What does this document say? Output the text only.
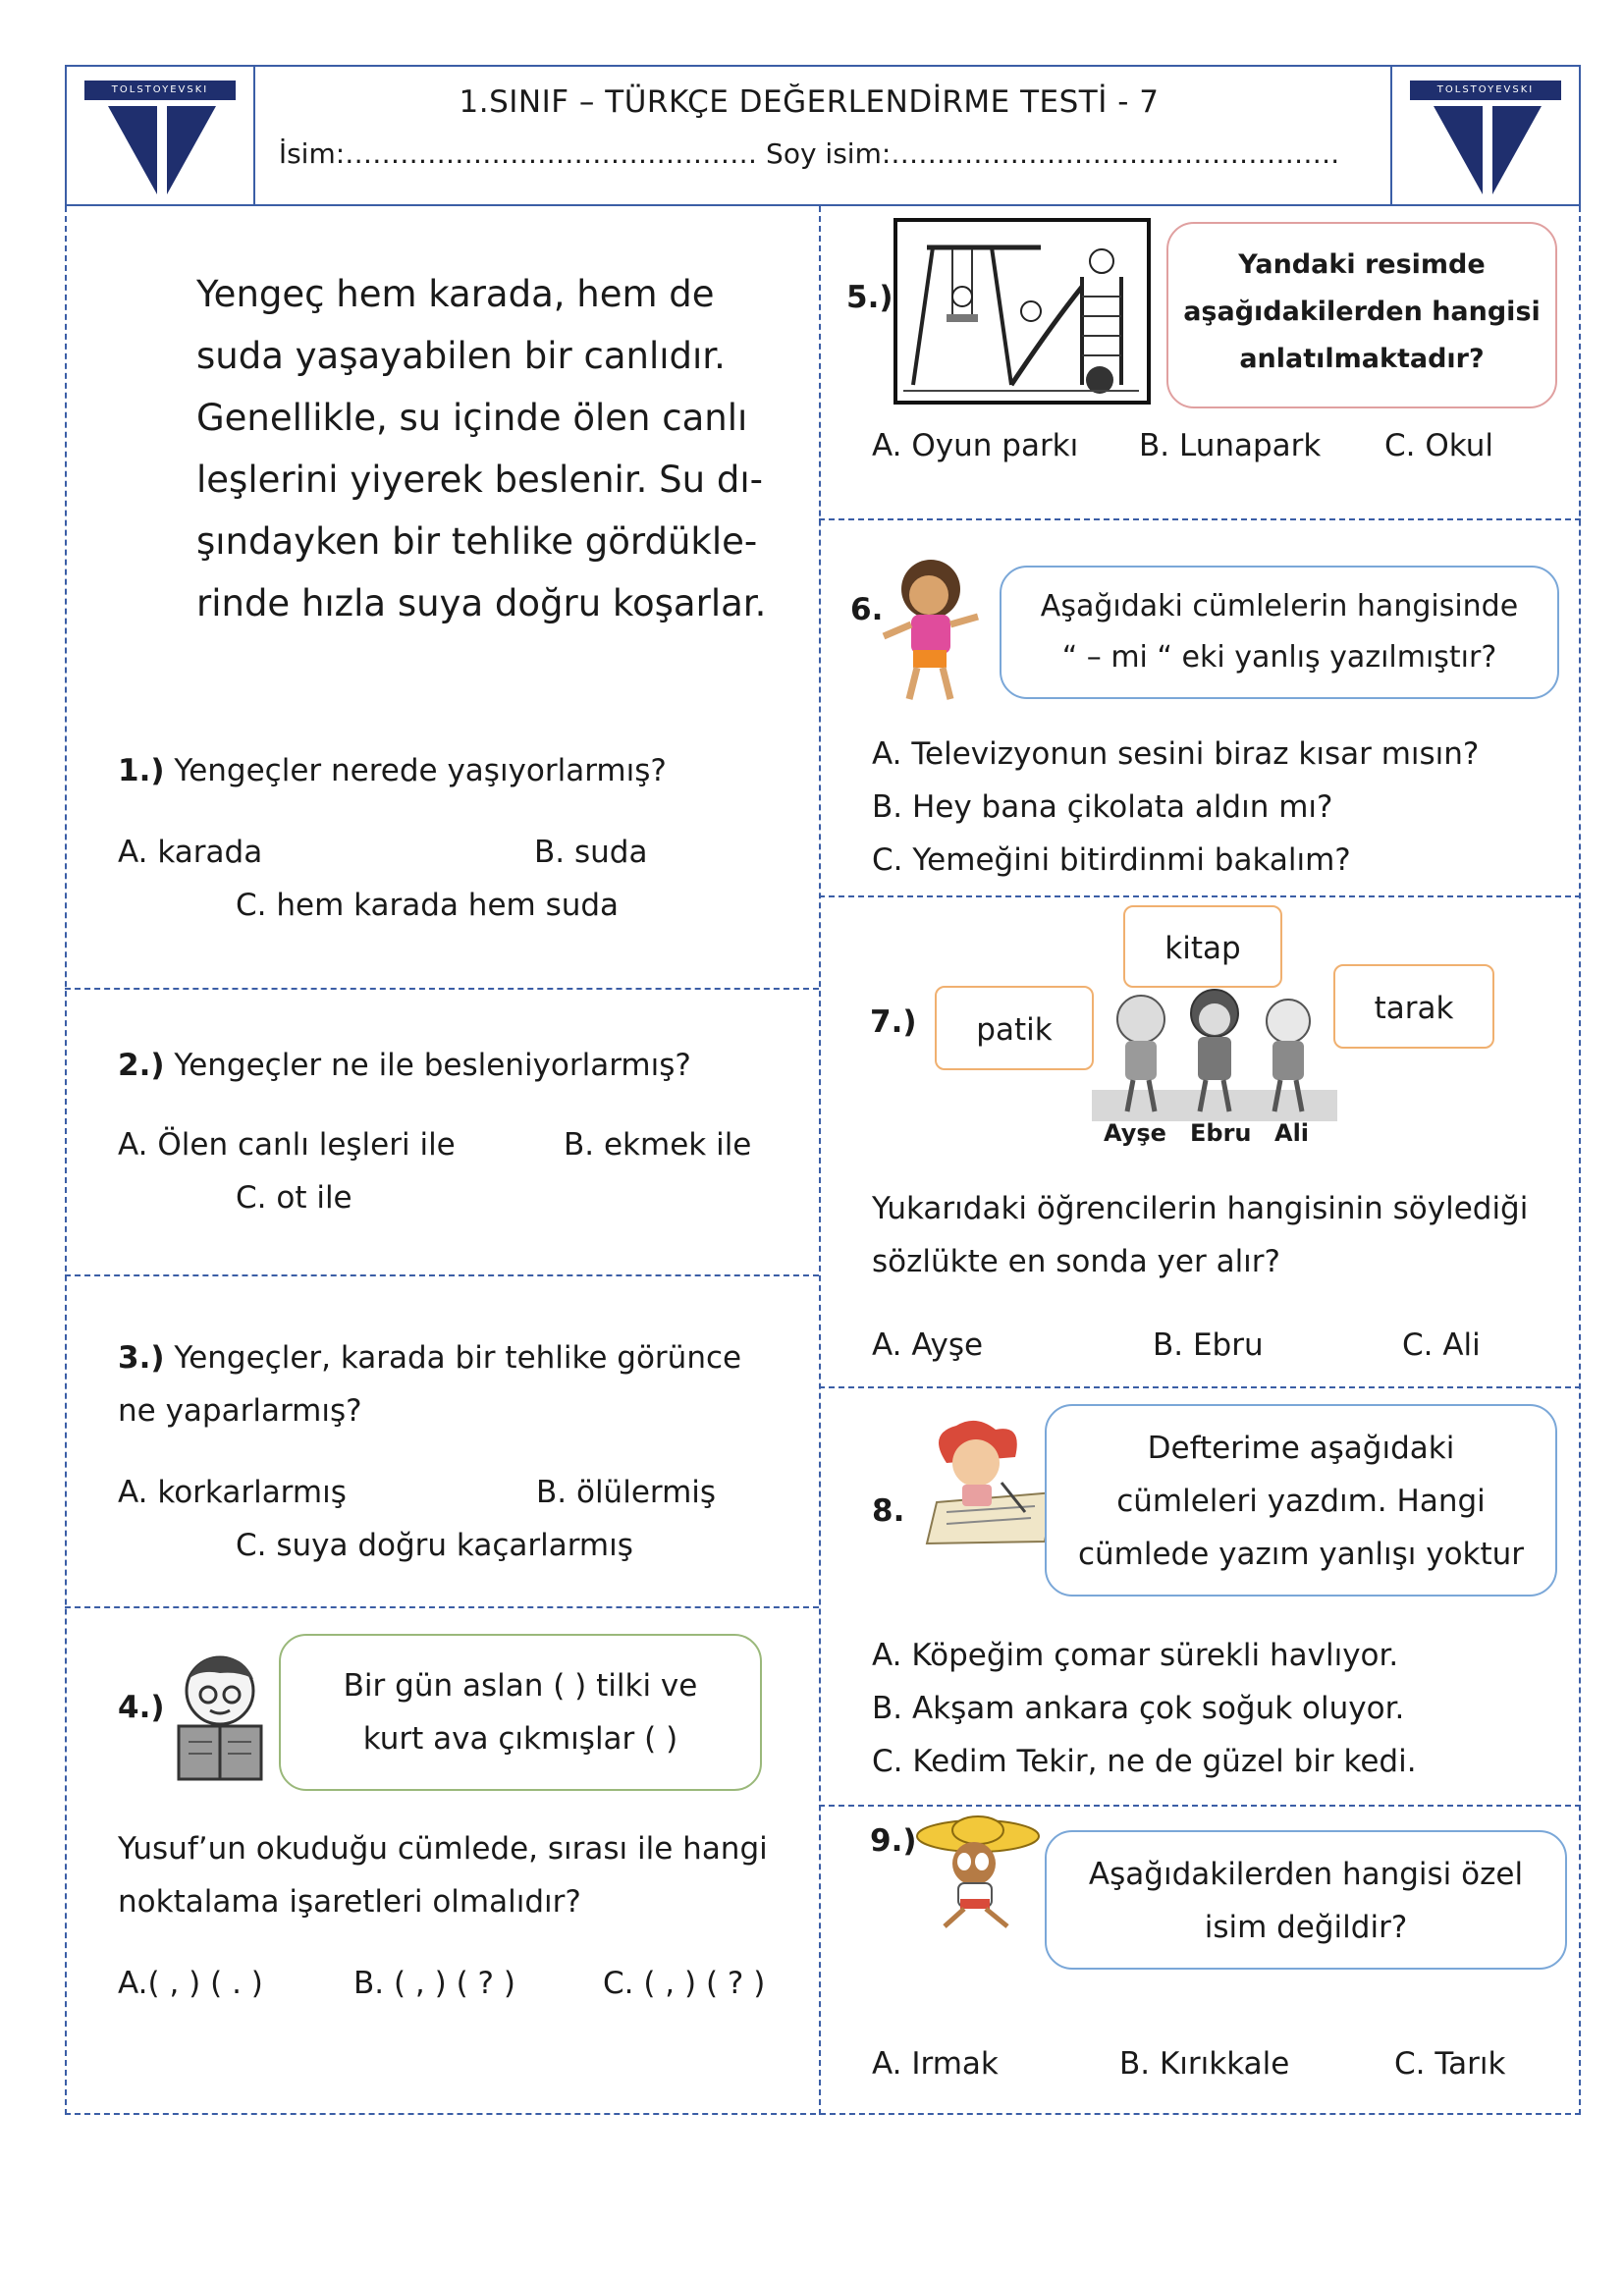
TOLSTOYEVSKI	TOLSTOYEVSKI
1.SINIF – TÜRKÇE DEĞERLENDİRME TESTİ - 7
İsim:……………………………………… Soy isim:………………………………………….
Yengeç hem karada, hem de
suda yaşayabilen bir canlıdır.
Genellikle, su içinde ölen canlı
leşlerini yiyerek beslenir. Su dı-
şındayken bir tehlike gördükle-
rinde hızla suya doğru koşarlar.
1.) Yengeçler nerede yaşıyorlarmış?
A. karada	B. suda
C. hem karada hem suda
2.) Yengeçler ne ile besleniyorlarmış?
A. Ölen canlı leşleri ile	B. ekmek ile
C. ot ile
3.) Yengeçler, karada bir tehlike görünce
ne yaparlarmış?
A. korkarlarmış	B. ölülermiş
C. suya doğru kaçarlarmış
4.)
Bir gün aslan ( ) tilki ve
kurt ava çıkmışlar ( )
Yusuf’un okuduğu cümlede, sırası ile hangi
noktalama işaretleri olmalıdır?
A.( , ) ( . )	B. ( , ) ( ? )	C. ( , ) ( ? )
5.)
Yandaki resimde
aşağıdakilerden hangisi
anlatılmaktadır?
A. Oyun parkı B. Lunapark C. Okul
6.	Aşağıdaki cümlelerin hangisinde
“ – mi “ eki yanlış yazılmıştır?
A. Televizyonun sesini biraz kısar mısın?
B. Hey bana çikolata aldın mı?
C. Yemeğini bitirdinmi bakalım?
7.)	patik
kitap
tarak
Ayşe Ebru Ali
Yukarıdaki öğrencilerin hangisinin söylediği
sözlükte en sonda yer alır?
A. Ayşe	B. Ebru	C. Ali
8.
Defterime aşağıdaki
cümleleri yazdım. Hangi
cümlede yazım yanlışı yoktur
A. Köpeğim çomar sürekli havlıyor.
B. Akşam ankara çok soğuk oluyor.
C. Kedim Tekir, ne de güzel bir kedi.
9.)
Aşağıdakilerden hangisi özel
isim değildir?
A. Irmak	B. Kırıkkale	C. Tarık
